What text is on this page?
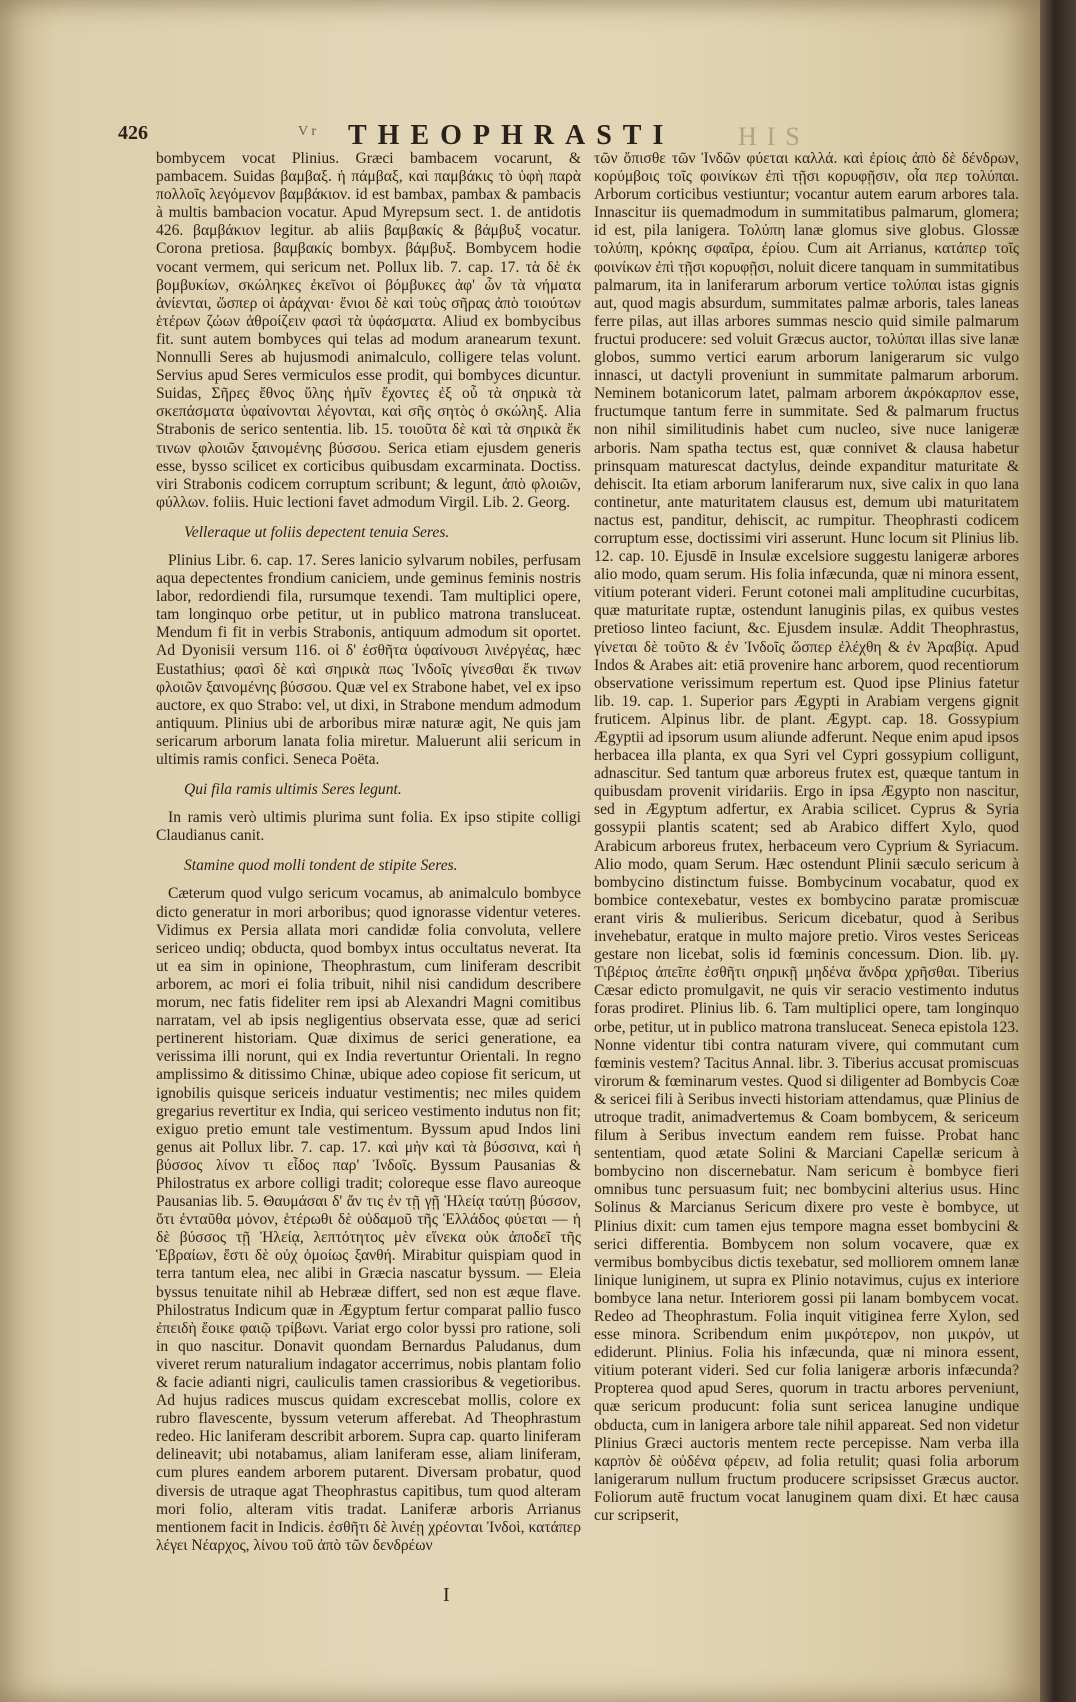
426	V r THEOPHRASTI HIS

bombycem vocat Plinius. Græci bambacem vocarunt, & pambacem. Suidas βαμβαξ. ἡ πάμβαξ, καὶ παμβάκις τὸ ὑφὴ παρὰ πολλοῖς λεγόμενον βαμβάκιον. id est bambax, pambax & pambacis à multis bambacion vocatur. Apud Myrepsum sect. 1. de antidotis 426. βαμβάκιον legitur. ab aliis βαμβακίς & βάμβυξ vocatur. Corona pretiosa. βαμβακίς bombyx. βάμβυξ. Bombycem hodie vocant vermem, qui sericum net. Pollux lib. 7. cap. 17. τὰ δὲ ἐκ βομβυκίων, σκώληκες ἐκεῖνοι οἱ βόμβυκες ἀφ' ὧν τὰ νήματα ἀνίενται, ὥσπερ οἱ ἀράχναι· ἔνιοι δὲ καὶ τοὺς σῆρας ἀπὸ τοιούτων ἑτέρων ζώων ἀθροίζειν φασὶ τὰ ὑφάσματα. Aliud ex bombycibus fit. sunt autem bombyces qui telas ad modum aranearum texunt. Nonnulli Seres ab hujusmodi animalculo, colligere telas volunt. Servius apud Seres vermiculos esse prodit, qui bombyces dicuntur. Suidas, Σῆρες ἔθνος ὕλης ἡμῖν ἔχοντες ἐξ οὗ τὰ σηρικὰ τὰ σκεπάσματα ὑφαίνονται λέγονται, καὶ σῆς σητὸς ὁ σκώληξ. Alia Strabonis de serico sententia. lib. 15. τοιοῦτα δὲ καὶ τὰ σηρικὰ ἔκ τινων φλοιῶν ξαινομένης βύσσου. Serica etiam ejusdem generis esse, bysso scilicet ex corticibus quibusdam excarminata. Doctiss. viri Strabonis codicem corruptum scribunt; & legunt, ἀπὸ φλοιῶν, φύλλων. foliis. Huic lectioni favet admodum Virgil. Lib. 2. Georg.

Velleraque ut foliis depectent tenuia Seres.

Plinius Libr. 6. cap. 17. Seres lanicio sylvarum nobiles, perfusam aqua depectentes frondium caniciem, unde geminus feminis nostris labor, redordiendi fila, rursumque texendi. Tam multiplici opere, tam longinquo orbe petitur, ut in publico matrona transluceat. Mendum fi fit in verbis Strabonis, antiquum admodum sit oportet. Ad Dyonisii versum 116. οἱ δ' ἐσθῆτα ὑφαίνουσι λινέργέας, hæc Eustathius; φασὶ δὲ καὶ σηρικὰ πως Ἰνδοῖς γίνεσθαι ἔκ τινων φλοιῶν ξαινομένης βύσσου. Quæ vel ex Strabone habet, vel ex ipso auctore, ex quo Strabo: vel, ut dixi, in Strabone mendum admodum antiquum. Plinius ubi de arboribus miræ naturæ agit, Ne quis jam sericarum arborum lanata folia miretur. Maluerunt alii sericum in ultimis ramis confici. Seneca Poëta.

Qui fila ramis ultimis Seres legunt.

In ramis verò ultimis plurima sunt folia. Ex ipso stipite colligi Claudianus canit.

Stamine quod molli tondent de stipite Seres.

Cæterum quod vulgo sericum vocamus, ab animalculo bombyce dicto generatur in mori arboribus; quod ignorasse videntur veteres. Vidimus ex Persia allata mori candidæ folia convoluta, vellere sericeo undiq; obducta, quod bombyx intus occultatus neverat. Ita ut ea sim in opinione, Theophrastum, cum liniferam describit arborem, ac mori ei folia tribuit, nihil nisi candidum describere morum, nec fatis fideliter rem ipsi ab Alexandri Magni comitibus narratam, vel ab ipsis negligentius observata esse, quæ ad serici pertinerent historiam. Quæ diximus de serici generatione, ea verissima illi norunt, qui ex India revertuntur Orientali. In regno amplissimo & ditissimo Chinæ, ubique adeo copiose fit sericum, ut ignobilis quisque sericeis induatur vestimentis; nec miles quidem gregarius revertitur ex India, qui sericeo vestimento indutus non fit; exiguo pretio emunt tale vestimentum. Byssum apud Indos lini genus ait Pollux libr. 7. cap. 17. καὶ μὴν καὶ τὰ βύσσινα, καὶ ἡ βύσσος λίνον τι εἶδος παρ' Ἰνδοῖς. Byssum Pausanias & Philostratus ex arbore colligi tradit; coloreque esse flavo aureoque Pausanias lib. 5. Θαυμάσαι δ' ἄν τις ἐν τῇ γῇ Ἠλείᾳ ταύτῃ βύσσον, ὅτι ἐνταῦθα μόνον, ἑτέρωθι δὲ οὐδαμοῦ τῆς Ἑλλάδος φύεται — ἡ δὲ βύσσος τῇ Ἠλείᾳ, λεπτότητος μὲν εἵνεκα οὐκ ἀποδεῖ τῆς Ἑβραίων, ἔστι δὲ οὐχ ὁμοίως ξανθή. Mirabitur quispiam quod in terra tantum elea, nec alibi in Græcia nascatur byssum. — Eleia byssus tenuitate nihil ab Hebrææ differt, sed non est æque flave. Philostratus Indicum quæ in Ægyptum fertur comparat pallio fusco ἐπειδὴ ἔοικε φαιῷ τρίβωνι. Variat ergo color byssi pro ratione, soli in quo nascitur. Donavit quondam Bernardus Paludanus, dum viveret rerum naturalium indagator accerrimus, nobis plantam folio & facie adianti nigri, cauliculis tamen crassioribus & vegetioribus. Ad hujus radices muscus quidam excrescebat mollis, colore ex rubro flavescente, byssum veterum afferebat. Ad Theophrastum redeo. Hic laniferam describit arborem. Supra cap. quarto liniferam delineavit; ubi notabamus, aliam laniferam esse, aliam liniferam, cum plures eandem arborem putarent. Diversam probatur, quod diversis de utraque agat Theophrastus capitibus, tum quod alteram mori folio, alteram vitis tradat. Laniferæ arboris Arrianus mentionem facit in Indicis. ἐσθῆτι δὲ λινέῃ χρέονται Ἰνδοὶ, κατάπερ λέγει Νέαρχος, λίνου τοῦ ἀπὸ τῶν δενδρέων

τῶν ὄπισθε τῶν Ἰνδῶν φύεται καλλά. καὶ ἐρίοις ἀπὸ δὲ δένδρων, κορύμβοις τοῖς φοινίκων ἐπὶ τῇσι κορυφῇσιν, οἷα περ τολύπαι. Arborum corticibus vestiuntur; vocantur autem earum arbores tala. Innascitur iis quemadmodum in summitatibus palmarum, glomera; id est, pila lanigera. Τολύπη lanæ glomus sive globus. Glossæ τολύπη, κρόκης σφαῖρα, ἐρίου. Cum ait Arrianus, κατάπερ τοῖς φοινίκων ἐπὶ τῇσι κορυφῇσι, noluit dicere tanquam in summitatibus palmarum, ita in laniferarum arborum vertice τολύπαι istas gignis aut, quod magis absurdum, summitates palmæ arboris, tales laneas ferre pilas, aut illas arbores summas nescio quid simile palmarum fructui producere: sed voluit Græcus auctor, τολύπαι illas sive lanæ globos, summo vertici earum arborum lanigerarum sic vulgo innasci, ut dactyli proveniunt in summitate palmarum arborum. Neminem botanicorum latet, palmam arborem ἀκρόκαρπον esse, fructumque tantum ferre in summitate. Sed & palmarum fructus non nihil similitudinis habet cum nucleo, sive nuce lanigeræ arboris. Nam spatha tectus est, quæ connivet & clausa habetur prinsquam maturescat dactylus, deinde expanditur maturitate & dehiscit. Ita etiam arborum laniferarum nux, sive calix in quo lana continetur, ante maturitatem clausus est, demum ubi maturitatem nactus est, panditur, dehiscit, ac rumpitur. Theophrasti codicem corruptum esse, doctissimi viri asserunt. Hunc locum sit Plinius lib. 12. cap. 10. Ejusdē in Insulæ excelsiore suggestu lanigeræ arbores alio modo, quam serum. His folia infæcunda, quæ ni minora essent, vitium poterant videri. Ferunt cotonei mali amplitudine cucurbitas, quæ maturitate ruptæ, ostendunt lanuginis pilas, ex quibus vestes pretioso linteo faciunt, &c. Ejusdem insulæ. Addit Theophrastus, γίνεται δὲ τοῦτο & ἐν Ἰνδοῖς ὥσπερ ἐλέχθη & ἐν Ἀραβίᾳ. Apud Indos & Arabes ait: etiā provenire hanc arborem, quod recentiorum observatione verissimum repertum est. Quod ipse Plinius fatetur lib. 19. cap. 1. Superior pars Ægypti in Arabiam vergens gignit fruticem. Alpinus libr. de plant. Ægypt. cap. 18. Gossypium Ægyptii ad ipsorum usum aliunde adferunt. Neque enim apud ipsos herbacea illa planta, ex qua Syri vel Cypri gossypium colligunt, adnascitur. Sed tantum quæ arboreus frutex est, quæque tantum in quibusdam provenit viridariis. Ergo in ipsa Ægypto non nascitur, sed in Ægyptum adfertur, ex Arabia scilicet. Cyprus & Syria gossypii plantis scatent; sed ab Arabico differt Xylo, quod Arabicum arboreus frutex, herbaceum vero Cyprium & Syriacum. Alio modo, quam Serum. Hæc ostendunt Plinii sæculo sericum à bombycino distinctum fuisse. Bombycinum vocabatur, quod ex bombice contexebatur, vestes ex bombycino paratæ promiscuæ erant viris & mulieribus. Sericum dicebatur, quod à Seribus invehebatur, eratque in multo majore pretio. Viros vestes Sericeas gestare non licebat, solis id fœminis concessum. Dion. lib. μγ. Τιβέριος ἀπεῖπε ἐσθῆτι σηρικῇ μηδένα ἄνδρα χρῆσθαι. Tiberius Cæsar edicto promulgavit, ne quis vir seracio vestimento indutus foras prodiret. Plinius lib. 6. Tam multiplici opere, tam longinquo orbe, petitur, ut in publico matrona transluceat. Seneca epistola 123. Nonne videntur tibi contra naturam vivere, qui commutant cum fœminis vestem? Tacitus Annal. libr. 3. Tiberius accusat promiscuas virorum & fœminarum vestes. Quod si diligenter ad Bombycis Coæ & sericei fili à Seribus invecti historiam attendamus, quæ Plinius de utroque tradit, animadvertemus & Coam bombycem, & sericeum filum à Seribus invectum eandem rem fuisse. Probat hanc sententiam, quod ætate Solini & Marciani Capellæ sericum à bombycino non discernebatur. Nam sericum è bombyce fieri omnibus tunc persuasum fuit; nec bombycini alterius usus. Hinc Solinus & Marcianus Sericum dixere pro veste è bombyce, ut Plinius dixit: cum tamen ejus tempore magna esset bombycini & serici differentia. Bombycem non solum vocavere, quæ ex vermibus bombycibus dictis texebatur, sed molliorem omnem lanæ linique luniginem, ut supra ex Plinio notavimus, cujus ex interiore bombyce lana netur. Interiorem gossi pii lanam bombycem vocat. Redeo ad Theophrastum. Folia inquit vitiginea ferre Xylon, sed esse minora. Scribendum enim μικρότερον, non μικρόν, ut ediderunt. Plinius. Folia his infæcunda, quæ ni minora essent, vitium poterant videri. Sed cur folia lanigeræ arboris infæcunda? Propterea quod apud Seres, quorum in tractu arbores perveniunt, quæ sericum producunt: folia sunt sericea lanugine undique obducta, cum in lanigera arbore tale nihil appareat. Sed non videtur Plinius Græci auctoris mentem recte percepisse. Nam verba illa καρπὸν δὲ οὐδένα φέρειν, ad folia retulit; quasi folia arborum lanigerarum nullum fructum producere scripsisset Græcus auctor. Foliorum autē fructum vocat lanuginem quam dixi. Et hæc causa cur scripserit,

I
